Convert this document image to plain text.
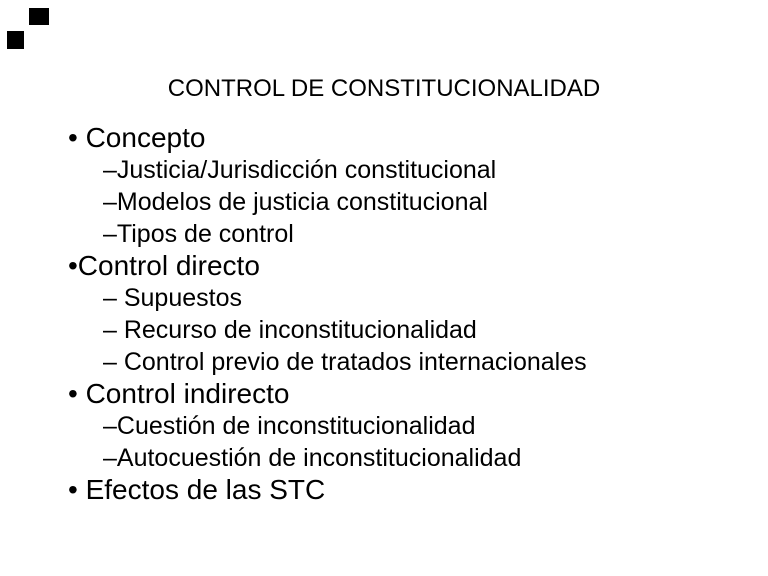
CONTROL DE CONSTITUCIONALIDAD
• Concepto
–Justicia/Jurisdicción constitucional
–Modelos de justicia constitucional
–Tipos de control
•Control directo
– Supuestos
– Recurso de inconstitucionalidad
– Control previo de tratados internacionales
• Control indirecto
–Cuestión de inconstitucionalidad
–Autocuestión de inconstitucionalidad
• Efectos de las STC
